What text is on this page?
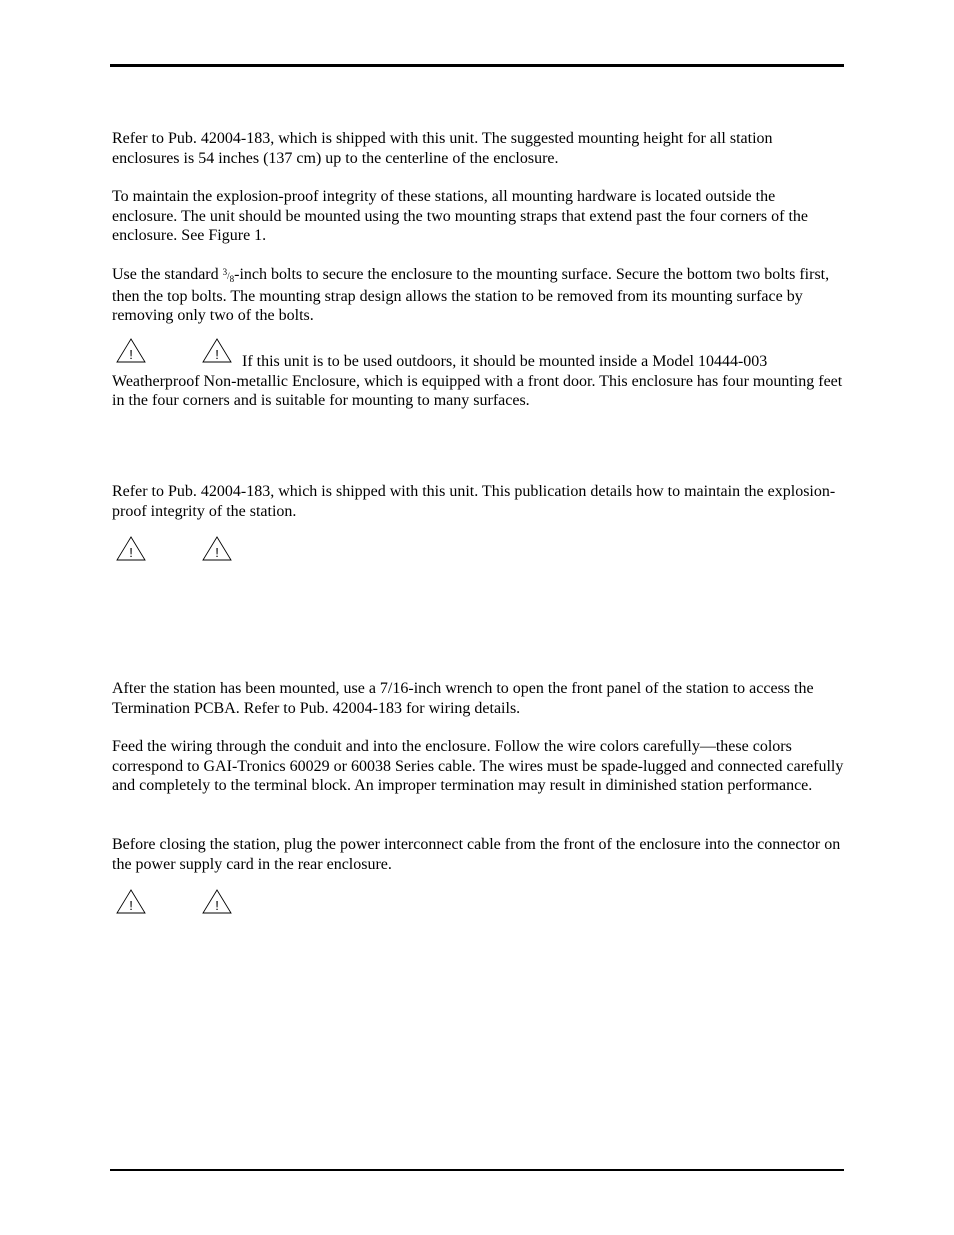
Refer to Pub. 42004-183, which is shipped with this unit. The suggested mounting height for all station enclosures is 54 inches (137 cm) up to the centerline of the enclosure.

To maintain the explosion-proof integrity of these stations, all mounting hardware is located outside the enclosure. The unit should be mounted using the two mounting straps that extend past the four corners of the enclosure. See Figure 1.

Use the standard $^3/_8$-inch bolts to secure the enclosure to the mounting surface. Secure the bottom two bolts first, then the top bolts. The mounting strap design allows the station to be removed from its mounting surface by removing only two of the bolts.

!	!	If this unit is to be used outdoors, it should be mounted inside a Model 10444-003 Weatherproof Non-metallic Enclosure, which is equipped with a front door. This enclosure has four mounting feet in the four corners and is suitable for mounting to many surfaces.

Refer to Pub. 42004-183, which is shipped with this unit. This publication details how to maintain the explosion-proof integrity of the station.

!	!

After the station has been mounted, use a 7/16-inch wrench to open the front panel of the station to access the Termination PCBA. Refer to Pub. 42004-183 for wiring details.

Feed the wiring through the conduit and into the enclosure. Follow the wire colors carefully—these colors correspond to GAI-Tronics 60029 or 60038 Series cable. The wires must be spade-lugged and connected carefully and completely to the terminal block. An improper termination may result in diminished station performance.

Before closing the station, plug the power interconnect cable from the front of the enclosure into the connector on the power supply card in the rear enclosure.

!	!
